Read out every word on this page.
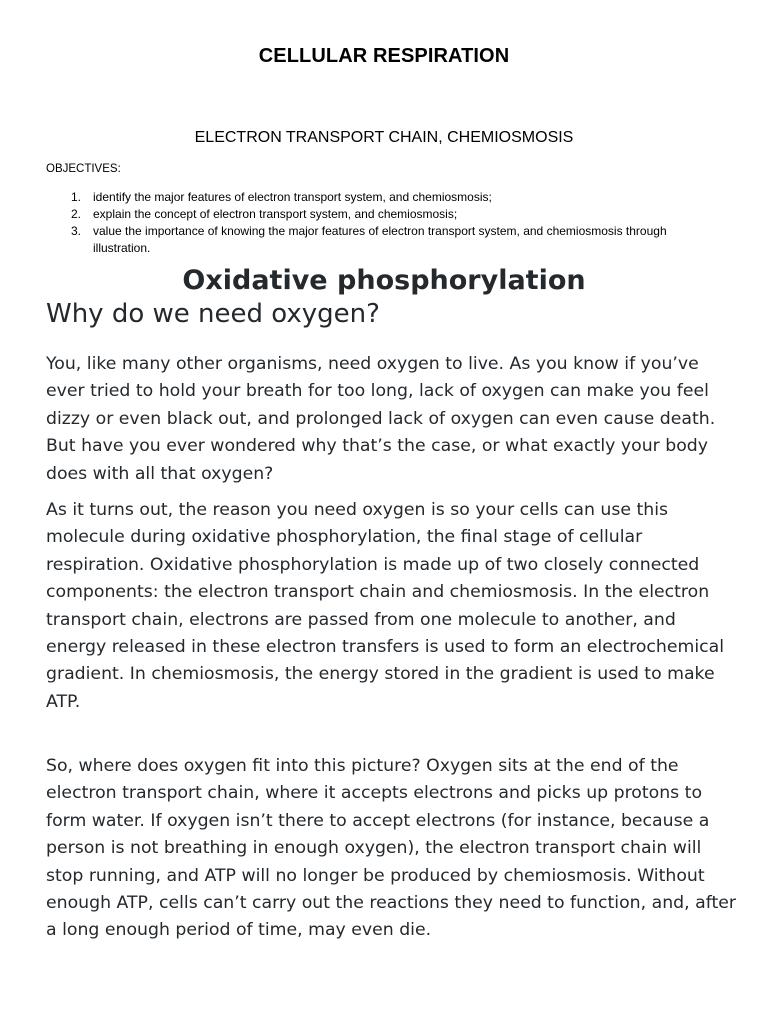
CELLULAR RESPIRATION
ELECTRON TRANSPORT CHAIN, CHEMIOSMOSIS

OBJECTIVES:

1. identify the major features of electron transport system, and chemiosmosis;
2. explain the concept of electron transport system, and chemiosmosis;
3. value the importance of knowing the major features of electron transport system, and chemiosmosis through illustration.
Oxidative phosphorylation
Why do we need oxygen?

You, like many other organisms, need oxygen to live. As you know if you’ve ever tried to hold your breath for too long, lack of oxygen can make you feel dizzy or even black out, and prolonged lack of oxygen can even cause death. But have you ever wondered why that’s the case, or what exactly your body does with all that oxygen?

As it turns out, the reason you need oxygen is so your cells can use this molecule during oxidative phosphorylation, the final stage of cellular respiration. Oxidative phosphorylation is made up of two closely connected components: the electron transport chain and chemiosmosis. In the electron transport chain, electrons are passed from one molecule to another, and energy released in these electron transfers is used to form an electrochemical gradient. In chemiosmosis, the energy stored in the gradient is used to make ATP.

So, where does oxygen fit into this picture? Oxygen sits at the end of the electron transport chain, where it accepts electrons and picks up protons to form water. If oxygen isn’t there to accept electrons (for instance, because a person is not breathing in enough oxygen), the electron transport chain will stop running, and ATP will no longer be produced by chemiosmosis. Without enough ATP, cells can’t carry out the reactions they need to function, and, after a long enough period of time, may even die.
